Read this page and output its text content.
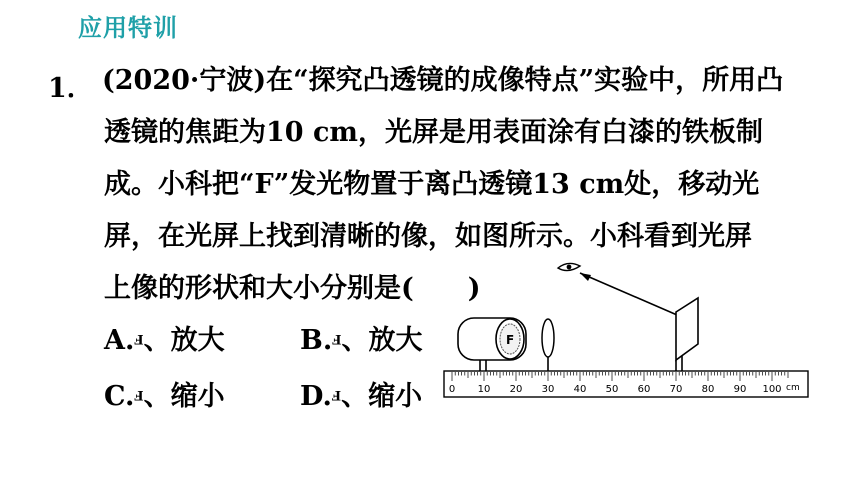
应用特训
1． (2020·宁波)在“探究凸透镜的成像特点”实验中，所用凸
透镜的焦距为10 cm，光屏是用表面涂有白漆的铁板制
成。小科把“F”发光物置于离凸透镜13 cm处，移动光
屏，在光屏上找到清晰的像，如图所示。小科看到光屏
上像的形状和大小分别是(　　)
A.Ⅎ、放大	B.Ⅎ、放大
C.Ⅎ、缩小	D.Ⅎ、缩小
F
0 10 20 30 40 50 60 70 80 90 100 cm
